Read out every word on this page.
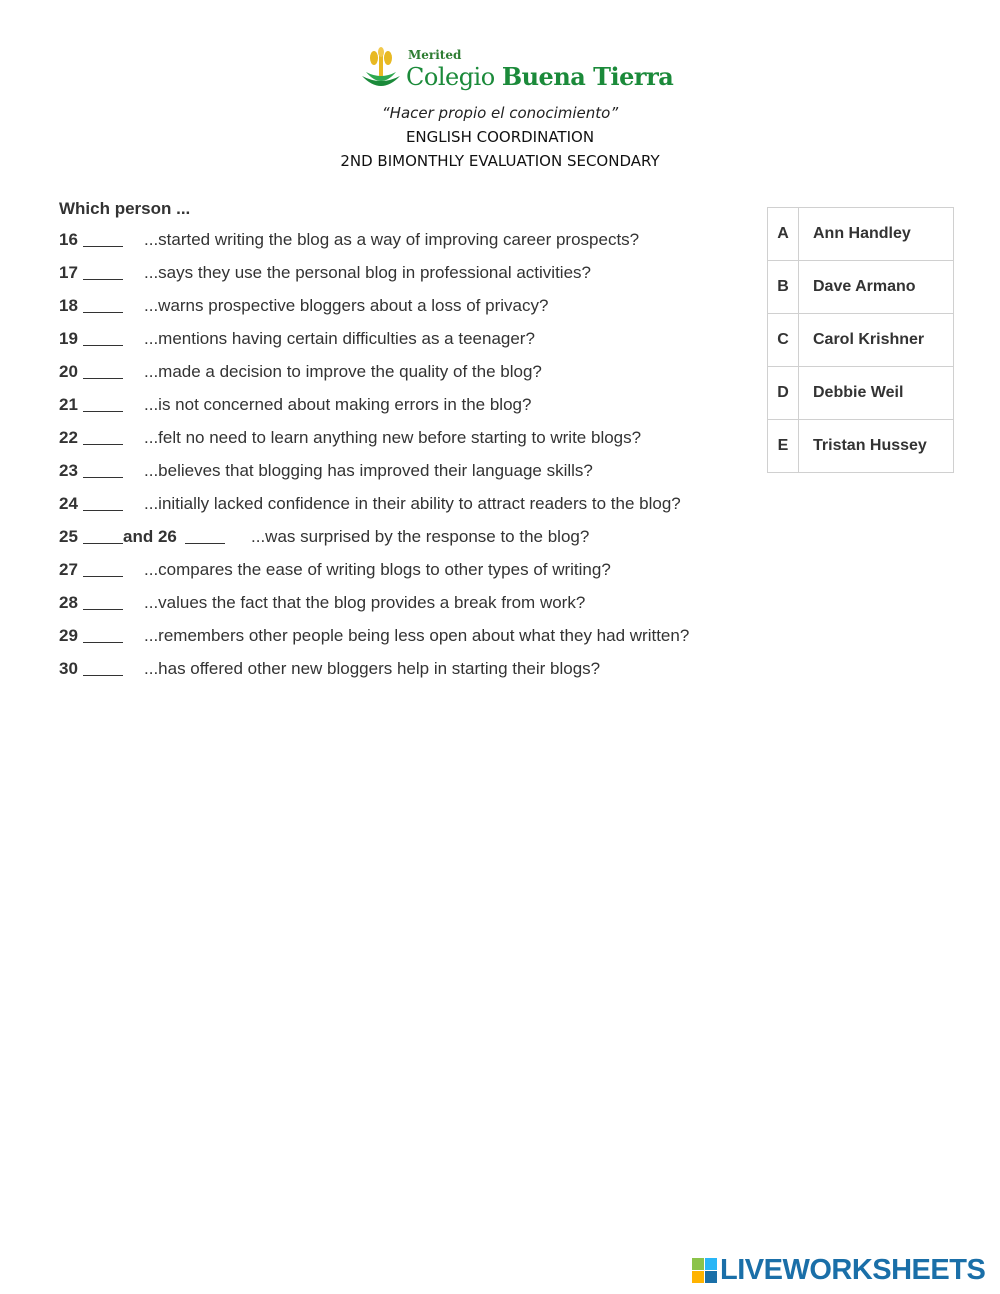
Merited
Colegio Buena Tierra
“Hacer propio el conocimiento”
ENGLISH COORDINATION
2ND BIMONTHLY EVALUATION SECONDARY
Which person ...
16	...started writing the blog as a way of improving career prospects?
17	...says they use the personal blog in professional activities?
18	...warns prospective bloggers about a loss of privacy?
19	...mentions having certain difficulties as a teenager?
20	...made a decision to improve the quality of the blog?
21	...is not concerned about making errors in the blog?
22	...felt no need to learn anything new before starting to write blogs?
23	...believes that blogging has improved their language skills?
24	...initially lacked confidence in their ability to attract readers to the blog?
25	and 26	...was surprised by the response to the blog?
27	...compares the ease of writing blogs to other types of writing?
28	...values the fact that the blog provides a break from work?
29	...remembers other people being less open about what they had written?
30	...has offered other new bloggers help in starting their blogs?
A	Ann Handley
B	Dave Armano
C	Carol Krishner
D	Debbie Weil
E	Tristan Hussey
LIVEWORKSHEETS
